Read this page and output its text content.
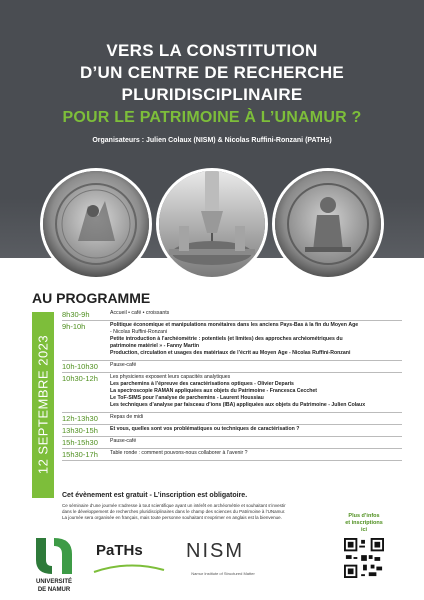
VERS LA CONSTITUTION
D’UN CENTRE DE RECHERCHE
PLURIDISCIPLINAIRE
POUR LE PATRIMOINE À L’UNAMUR ?
Organisateurs : Julien Colaux (NISM) & Nicolas Ruffini-Ronzani (PATHs)
AU PROGRAMME
12 SEPTEMBRE 2023
8h30-9h	Accueil • café • croissants
9h-10h	Politique économique et manipulations monétaires dans les anciens Pays-Bas à la fin du Moyen Âge
- Nicolas Ruffini-Ronzani
Petite introduction à l’archéométrie : potentiels (et limites) des approches archéométriques du
patrimoine matériel » - Fanny Martin
Production, circulation et usages des matériaux de l’écrit au Moyen Âge - Nicolas Ruffini-Ronzani
10h-10h30 Pause-café
10h30-12h Les physiciens exposent leurs capacités analytiques
Les parchemins à l’épreuve des caractérisations optiques - Olivier Deparis
La spectroscopie RAMAN appliquées aux objets du Patrimoine - Francesca Cecchet
Le ToF-SIMS pour l’analyse de parchemins - Laurent Houssiau
Les techniques d’analyse par faisceau d’ions (IBA) appliquées aux objets du Patrimoine - Julien Colaux
12h-13h30 Repas de midi
13h30-15h Et vous, quelles sont vos problématiques ou techniques de caractérisation ?
15h-15h30 Pause-café
15h30-17h Table ronde : comment pouvons-nous collaborer à l’avenir ?
Cet évènement est gratuit - L’inscription est obligatoire.
Ce séminaire d’une journée s’adresse à tout scientifique ayant un intérêt en archéométrie et souhaitant s’investir
dans le développement de recherches pluridisciplinaires dans le champ des sciences du Patrimoine à l’UNamur.
La journée sera organisée en français, mais toute personne souhaitant s’exprimer en anglais est la bienvenue.
UNIVERSITÉ
DE NAMUR
PaTHs NISM
Namur Institute of Structured Matter
Plus d’infos
et inscriptions
ici
